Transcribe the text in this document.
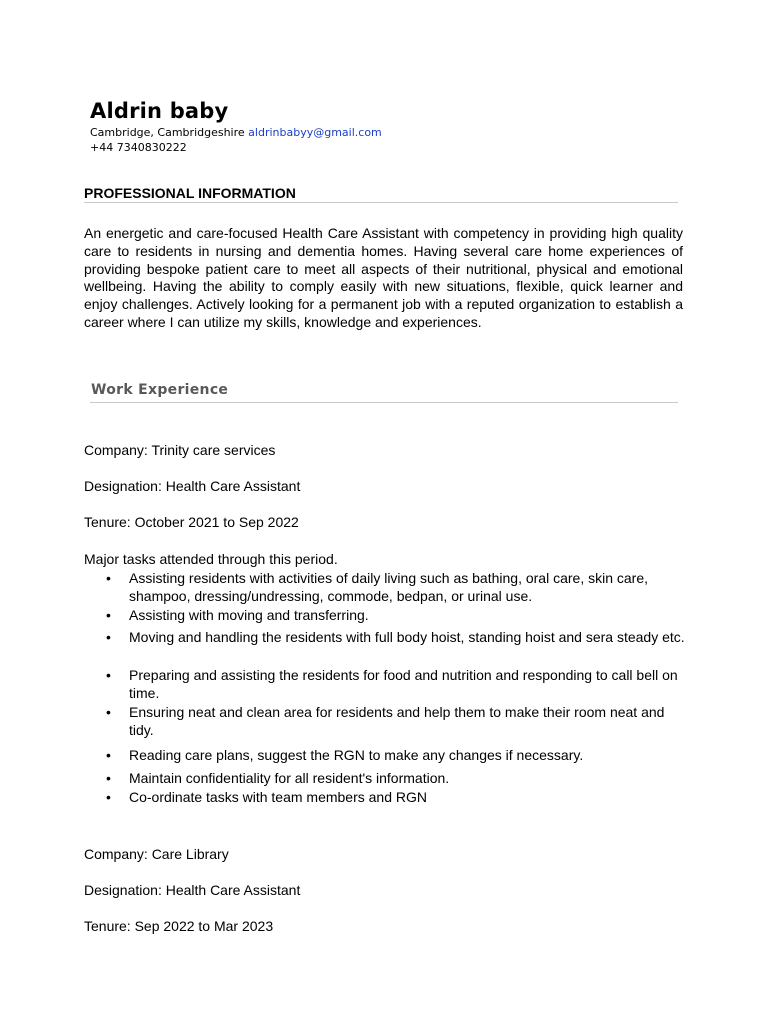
Aldrin baby
Cambridge, Cambridgeshire aldrinbabyy@gmail.com
+44 7340830222
PROFESSIONAL INFORMATION
An energetic and care-focused Health Care Assistant with competency in providing high quality care to residents in nursing and dementia homes. Having several care home experiences of providing bespoke patient care to meet all aspects of their nutritional, physical and emotional wellbeing. Having the ability to comply easily with new situations, flexible, quick learner and enjoy challenges. Actively looking for a permanent job with a reputed organization to establish a career where I can utilize my skills, knowledge and experiences.
Work Experience
Company: Trinity care services
Designation: Health Care Assistant
Tenure: October 2021 to Sep 2022
Major tasks attended through this period.
• Assisting residents with activities of daily living such as bathing, oral care, skin care, shampoo, dressing/undressing, commode, bedpan, or urinal use.
• Assisting with moving and transferring.
• Moving and handling the residents with full body hoist, standing hoist and sera steady etc.
• Preparing and assisting the residents for food and nutrition and responding to call bell on time.
• Ensuring neat and clean area for residents and help them to make their room neat and tidy.
• Reading care plans, suggest the RGN to make any changes if necessary.
• Maintain confidentiality for all resident's information.
• Co-ordinate tasks with team members and RGN
Company: Care Library
Designation: Health Care Assistant
Tenure: Sep 2022 to Mar 2023
